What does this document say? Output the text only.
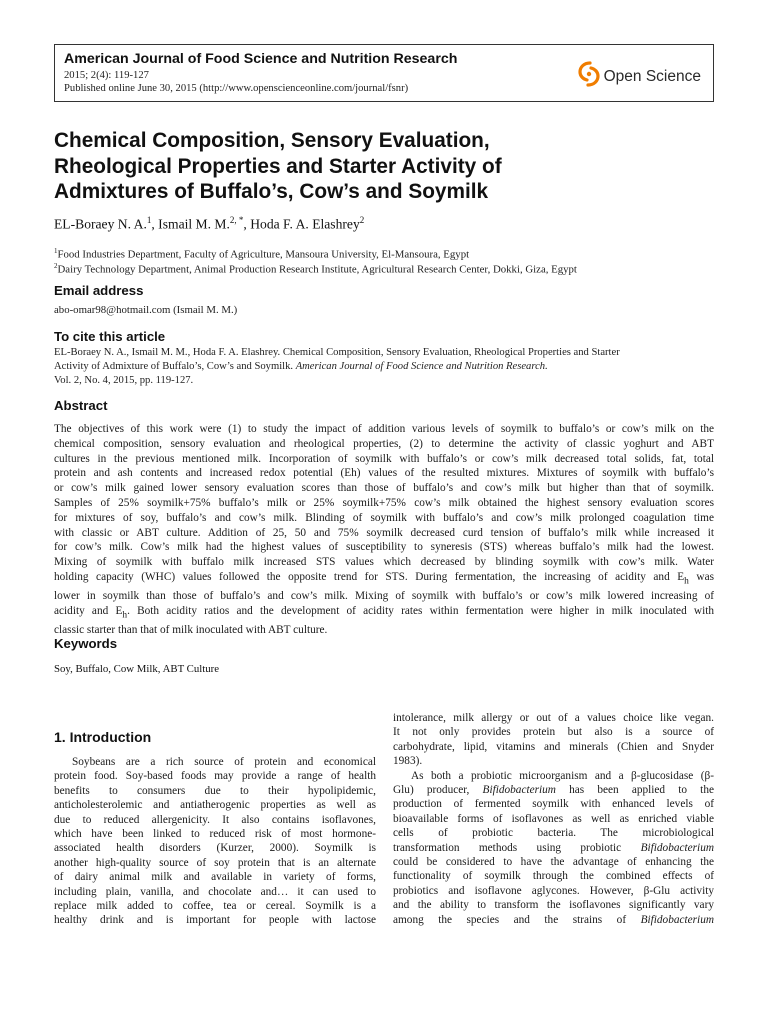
American Journal of Food Science and Nutrition Research
2015; 2(4): 119-127
Published online June 30, 2015 (http://www.openscienceonline.com/journal/fsnr)
Open Science
Chemical Composition, Sensory Evaluation,
Rheological Properties and Starter Activity of
Admixtures of Buffalo’s, Cow’s and Soymilk
EL-Boraey N. A.$^1$, Ismail M. M.$^{2, *}$, Hoda F. A. Elashrey$^2$
$^1$Food Industries Department, Faculty of Agriculture, Mansoura University, El-Mansoura, Egypt
$^2$Dairy Technology Department, Animal Production Research Institute, Agricultural Research Center, Dokki, Giza, Egypt
Email address
abo-omar98@hotmail.com (Ismail M. M.)
To cite this article
EL-Boraey N. A., Ismail M. M., Hoda F. A. Elashrey. Chemical Composition, Sensory Evaluation, Rheological Properties and Starter
Activity of Admixture of Buffalo’s, Cow’s and Soymilk. American Journal of Food Science and Nutrition Research.
Vol. 2, No. 4, 2015, pp. 119-127.
Abstract
The objectives of this work were (1) to study the impact of addition various levels of soymilk to buffalo’s or cow’s milk on the
chemical composition, sensory evaluation and rheological properties, (2) to determine the activity of classic yoghurt and ABT
cultures in the previous mentioned milk. Incorporation of soymilk with buffalo’s or cow’s milk decreased total solids, fat, total
protein and ash contents and increased redox potential (Eh) values of the resulted mixtures. Mixtures of soymilk with buffalo’s
or cow’s milk gained lower sensory evaluation scores than those of buffalo’s and cow’s milk but higher than that of soymilk.
Samples of 25% soymilk+75% buffalo’s milk or 25% soymilk+75% cow’s milk obtained the highest sensory evaluation scores
for mixtures of soy, buffalo’s and cow’s milk. Blinding of soymilk with buffalo’s and cow’s milk prolonged coagulation time
with classic or ABT culture. Addition of 25, 50 and 75% soymilk decreased curd tension of buffalo’s milk while increased it
for cow’s milk. Cow’s milk had the highest values of susceptibility to syneresis (STS) whereas buffalo’s milk had the lowest.
Mixing of soymilk with buffalo milk increased STS values which decreased by blinding soymilk with cow’s milk. Water
holding capacity (WHC) values followed the opposite trend for STS. During fermentation, the increasing of acidity and $E_h$ was
lower in soymilk than those of buffalo’s and cow’s milk. Mixing of soymilk with buffalo’s or cow’s milk lowered increasing of
acidity and $E_h$. Both acidity ratios and the development of acidity rates within fermentation were higher in milk inoculated with
classic starter than that of milk inoculated with ABT culture.
Keywords
Soy, Buffalo, Cow Milk, ABT Culture
1. Introduction
Soybeans are a rich source of protein and economical
protein food. Soy-based foods may provide a range of health
benefits to consumers due to their hypolipidemic,
anticholesterolemic and antiatherogenic properties as well as
due to reduced allergenicity. It also contains isoflavones,
which have been linked to reduced risk of most hormone-
associated health disorders (Kurzer, 2000). Soymilk is
another high-quality source of soy protein that is an alternate
of dairy animal milk and available in variety of forms,
including plain, vanilla, and chocolate and… it can used to
replace milk added to coffee, tea or cereal. Soymilk is a
healthy drink and is important for people with lactose
intolerance, milk allergy or out of a values choice like vegan.
It not only provides protein but also is a source of
carbohydrate, lipid, vitamins and minerals (Chien and Snyder
1983).
As both a probiotic microorganism and a β-glucosidase (β-
Glu) producer, Bifidobacterium has been applied to the
production of fermented soymilk with enhanced levels of
bioavailable forms of isoflavones as well as enriched viable
cells of probiotic bacteria. The microbiological
transformation methods using probiotic Bifidobacterium
could be considered to have the advantage of enhancing the
functionality of soymilk through the combined effects of
probiotics and isoflavone aglycones. However, β-Glu activity
and the ability to transform the isoflavones significantly vary
among the species and the strains of Bifidobacterium
